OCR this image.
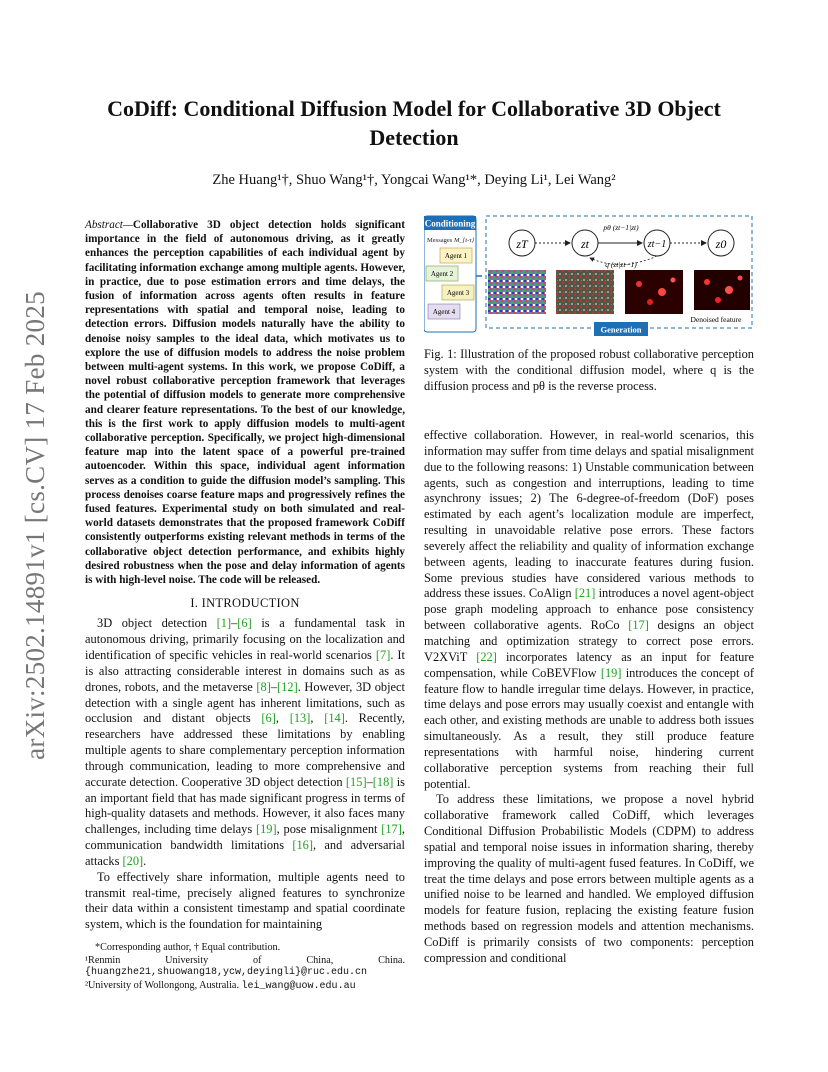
arXiv:2502.14891v1 [cs.CV] 17 Feb 2025
CoDiff: Conditional Diffusion Model for Collaborative 3D Object Detection
Zhe Huang¹†, Shuo Wang¹†, Yongcai Wang¹*, Deying Li¹, Lei Wang²

Abstract—Collaborative 3D object detection holds significant importance in the field of autonomous driving, as it greatly enhances the perception capabilities of each individual agent by facilitating information exchange among multiple agents. However, in practice, due to pose estimation errors and time delays, the fusion of information across agents often results in feature representations with spatial and temporal noise, leading to detection errors. Diffusion models naturally have the ability to denoise noisy samples to the ideal data, which motivates us to explore the use of diffusion models to address the noise problem between multi-agent systems. In this work, we propose CoDiff, a novel robust collaborative perception framework that leverages the potential of diffusion models to generate more comprehensive and clearer feature representations. To the best of our knowledge, this is the first work to apply diffusion models to multi-agent collaborative perception. Specifically, we project high-dimensional feature map into the latent space of a powerful pre-trained autoencoder. Within this space, individual agent information serves as a condition to guide the diffusion model’s sampling. This process denoises coarse feature maps and progressively refines the fused features. Experimental study on both simulated and real-world datasets demonstrates that the proposed framework CoDiff consistently outperforms existing relevant methods in terms of the collaborative object detection performance, and exhibits highly desired robustness when the pose and delay information of agents is with high-level noise. The code will be released.

I. INTRODUCTION

3D object detection [1]–[6] is a fundamental task in autonomous driving, primarily focusing on the localization and identification of specific vehicles in real-world scenarios [7]. It is also attracting considerable interest in domains such as as drones, robots, and the metaverse [8]–[12]. However, 3D object detection with a single agent has inherent limitations, such as occlusion and distant objects [6], [13], [14]. Recently, researchers have addressed these limitations by enabling multiple agents to share complementary perception information through communication, leading to more comprehensive and accurate detection. Cooperative 3D object detection [15]–[18] is an important field that has made significant progress in terms of high-quality datasets and methods. However, it also faces many challenges, including time delays [19], pose misalignment [17], communication bandwidth limitations [16], and adversarial attacks [20].

To effectively share information, multiple agents need to transmit real-time, precisely aligned features to synchronize their data within a consistent timestamp and spatial coordinate system, which is the foundation for maintaining

*Corresponding author, † Equal contribution.
¹Renmin	University	of	China,	China.
{huangzhe21,shuowang18,ycw,deyingli}@ruc.edu.cn
²University of Wollongong, Australia. lei_wang@uow.edu.au
Conditioning
Messages M_{t-τ}
Agent 1
Agent 2
Agent 3
Agent 4
zT	zt	zt−1	z0
pθ (zt−1|zt)
q (zt|zt−1)
Denoised feature
Generation

Fig. 1: Illustration of the proposed robust collaborative perception system with the conditional diffusion model, where q is the diffusion process and pθ is the reverse process.

effective collaboration. However, in real-world scenarios, this information may suffer from time delays and spatial misalignment due to the following reasons: 1) Unstable communication between agents, such as congestion and interruptions, leading to time asynchrony issues; 2) The 6-degree-of-freedom (DoF) poses estimated by each agent’s localization module are imperfect, resulting in unavoidable relative pose errors. These factors severely affect the reliability and quality of information exchange between agents, leading to inaccurate features during fusion. Some previous studies have considered various methods to address these issues. CoAlign [21] introduces a novel agent-object pose graph modeling approach to enhance pose consistency between collaborative agents. RoCo [17] designs an object matching and optimization strategy to correct pose errors. V2XViT [22] incorporates latency as an input for feature compensation, while CoBEVFlow [19] introduces the concept of feature flow to handle irregular time delays. However, in practice, time delays and pose errors may usually coexist and entangle with each other, and existing methods are unable to address both issues simultaneously. As a result, they still produce feature representations with harmful noise, hindering current collaborative perception systems from reaching their full potential.

To address these limitations, we propose a novel hybrid collaborative framework called CoDiff, which leverages Conditional Diffusion Probabilistic Models (CDPM) to address spatial and temporal noise issues in information sharing, thereby improving the quality of multi-agent fused features. In CoDiff, we treat the time delays and pose errors between multiple agents as a unified noise to be learned and handled. We employed diffusion models for feature fusion, replacing the existing feature fusion methods based on regression models and attention mechanisms. CoDiff is primarily consists of two components: perception compression and conditional
